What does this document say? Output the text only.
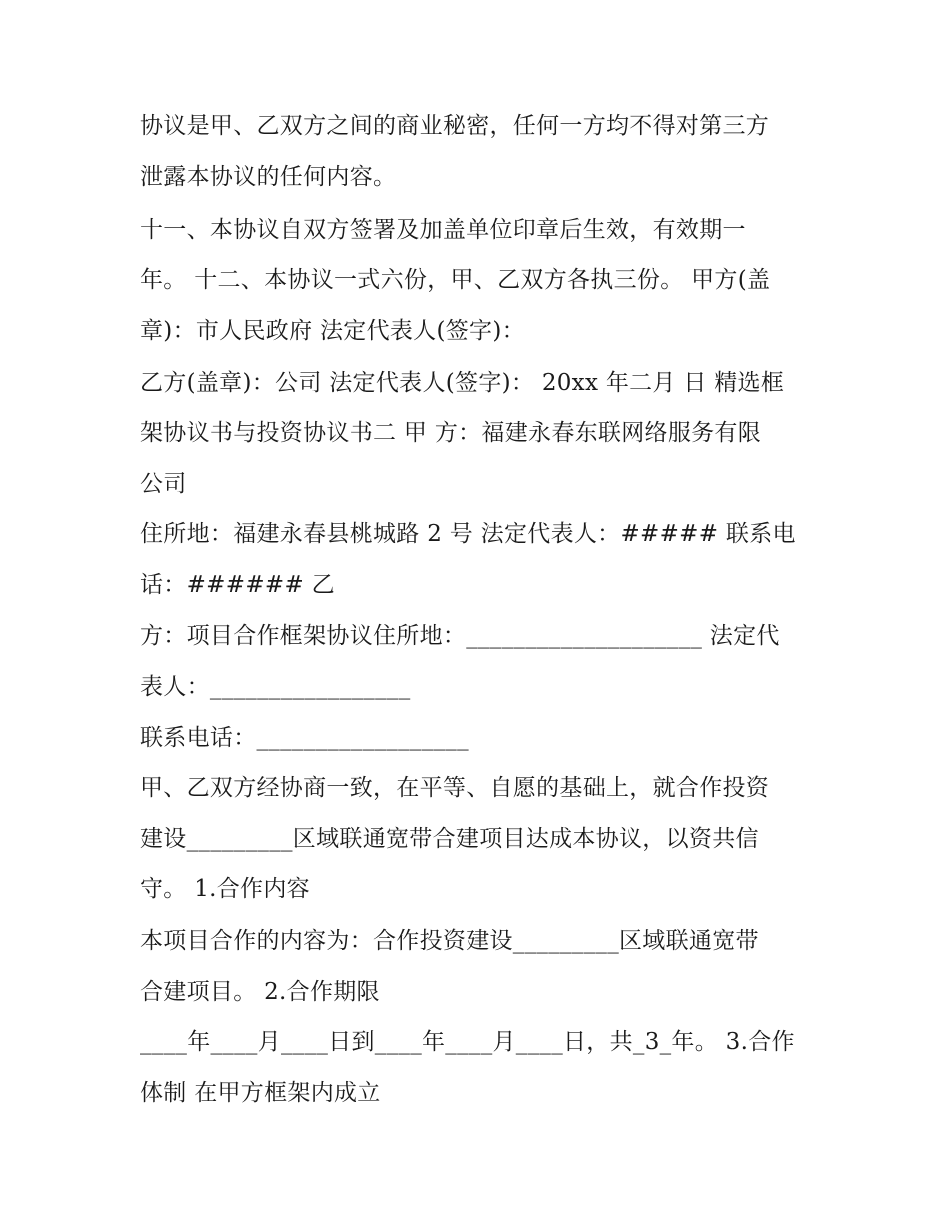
协议是甲、乙双方之间的商业秘密，任何一方均不得对第三方
泄露本协议的任何内容。
十一、本协议自双方签署及加盖单位印章后生效，有效期一
年。 十二、本协议一式六份，甲、乙双方各执三份。 甲方(盖
章)：市人民政府 法定代表人(签字)：
乙方(盖章)：公司 法定代表人(签字)： 20xx 年二月 日 精选框
架协议书与投资协议书二 甲 方：福建永春东联网络服务有限
公司
住所地：福建永春县桃城路 2 号 法定代表人：##### 联系电
话：###### 乙
方：项目合作框架协议住所地：____________________ 法定代
表人：_________________
联系电话：__________________
甲、乙双方经协商一致，在平等、自愿的基础上，就合作投资
建设_________区域联通宽带合建项目达成本协议，以资共信
守。 1.合作内容
本项目合作的内容为：合作投资建设_________区域联通宽带
合建项目。 2.合作期限
____年____月____日到____年____月____日，共_3_年。 3.合作
体制 在甲方框架内成立
